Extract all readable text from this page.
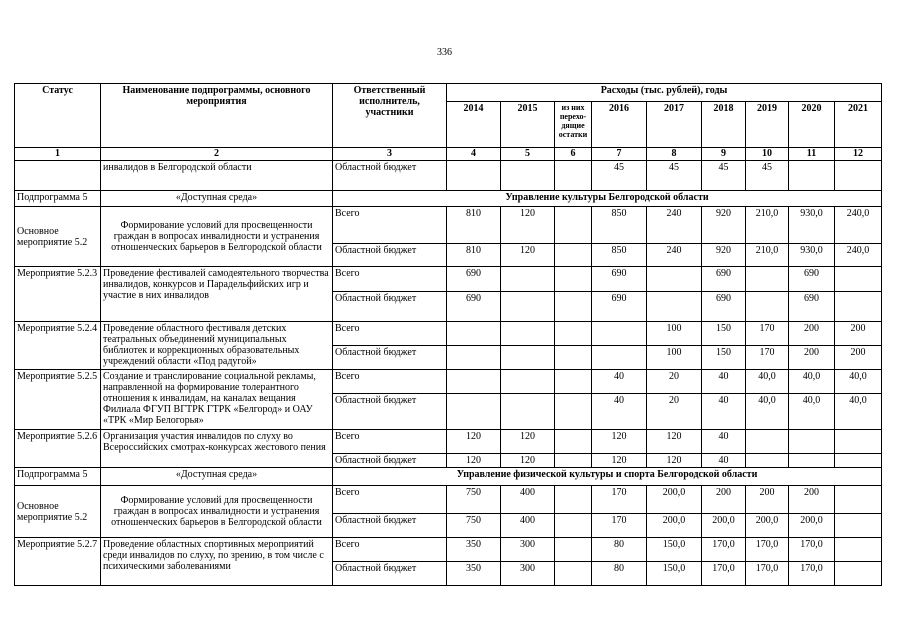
336
Статус	Наименование подпрограммы, основного мероприятия	Ответственный исполнитель, участники	Расходы (тыс. рублей), годы								
			2014	2015	из них перехо-дящие остатки	2016	2017	2018	2019	2020	2021
1	2	3	4	5	6	7	8	9	10	11	12
	инвалидов в Белгородской области	Областной бюджет				45	45	45	45		
Подпрограмма 5	«Доступная среда»	Управление культуры Белгородской области									
Основное мероприятие 5.2	Формирование условий для просвещенности граждан в вопросах инвалидности и устранения отношенческих барьеров в Белгородской области	Всего	810	120		850	240	920	210,0	930,0	240,0
		Областной бюджет	810	120		850	240	920	210,0	930,0	240,0
Мероприятие 5.2.3	Проведение фестивалей самодеятельного творчества инвалидов, конкурсов и Парадельфийских игр и участие в них инвалидов	Всего	690			690		690		690	
		Областной бюджет	690			690		690		690	
Мероприятие 5.2.4	Проведение областного фестиваля детских театральных объединений муниципальных библиотек и коррекционных образовательных учреждений области «Под радугой»	Всего					100	150	170	200	200
		Областной бюджет					100	150	170	200	200
Мероприятие 5.2.5	Создание и транслирование социальной рекламы, направленной на формирование толерантного отношения к инвалидам, на каналах вещания Филиала ФГУП ВГТРК ГТРК «Белгород» и ОАУ «ТРК «Мир Белогорья»	Всего				40	20	40	40,0	40,0	40,0
		Областной бюджет				40	20	40	40,0	40,0	40,0
Мероприятие 5.2.6	Организация участия инвалидов по слуху во Всероссийских смотрах-конкурсах жестового пения	Всего	120	120		120	120	40			
		Областной бюджет	120	120		120	120	40			
Подпрограмма 5	«Доступная среда»	Управление физической культуры и спорта Белгородской области									
Основное мероприятие 5.2	Формирование условий для просвещенности граждан в вопросах инвалидности и устранения отношенческих барьеров в Белгородской области	Всего	750	400		170	200,0	200	200	200	
		Областной бюджет	750	400		170	200,0	200,0	200,0	200,0	
Мероприятие 5.2.7	Проведение областных спортивных мероприятий среди инвалидов по слуху, по зрению, в том числе с психическими заболеваниями	Всего	350	300		80	150,0	170,0	170,0	170,0	
		Областной бюджет	350	300		80	150,0	170,0	170,0	170,0	
